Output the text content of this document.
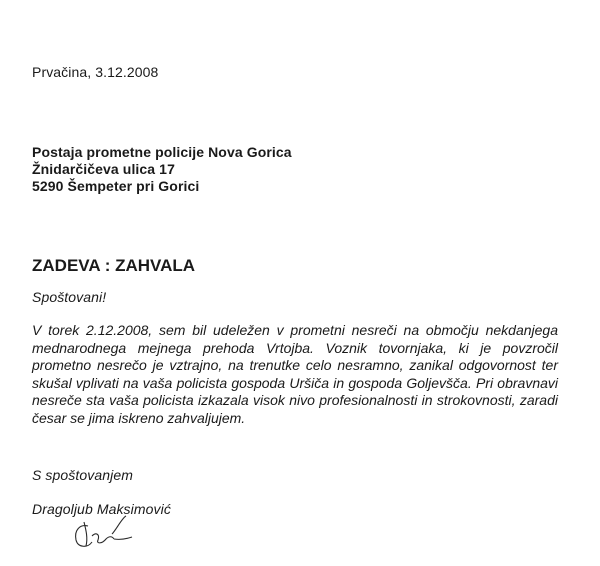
Prvačina, 3.12.2008
Postaja prometne policije Nova Gorica
Žnidarčičeva ulica 17
5290 Šempeter pri Gorici
ZADEVA : ZAHVALA
Spoštovani!
V torek 2.12.2008, sem bil udeležen v prometni nesreči na območju nekdanjega mednarodnega mejnega prehoda Vrtojba. Voznik tovornjaka, ki je povzročil prometno nesrečo je vztrajno, na trenutke celo nesramno, zanikal odgovornost ter skušal vplivati na vaša policista gospoda Uršiča in gospoda Goljevšča. Pri obravnavi nesreče sta vaša policista izkazala visok nivo profesionalnosti in strokovnosti, zaradi česar se jima iskreno zahvaljujem.
S spoštovanjem
Dragoljub Maksimović
